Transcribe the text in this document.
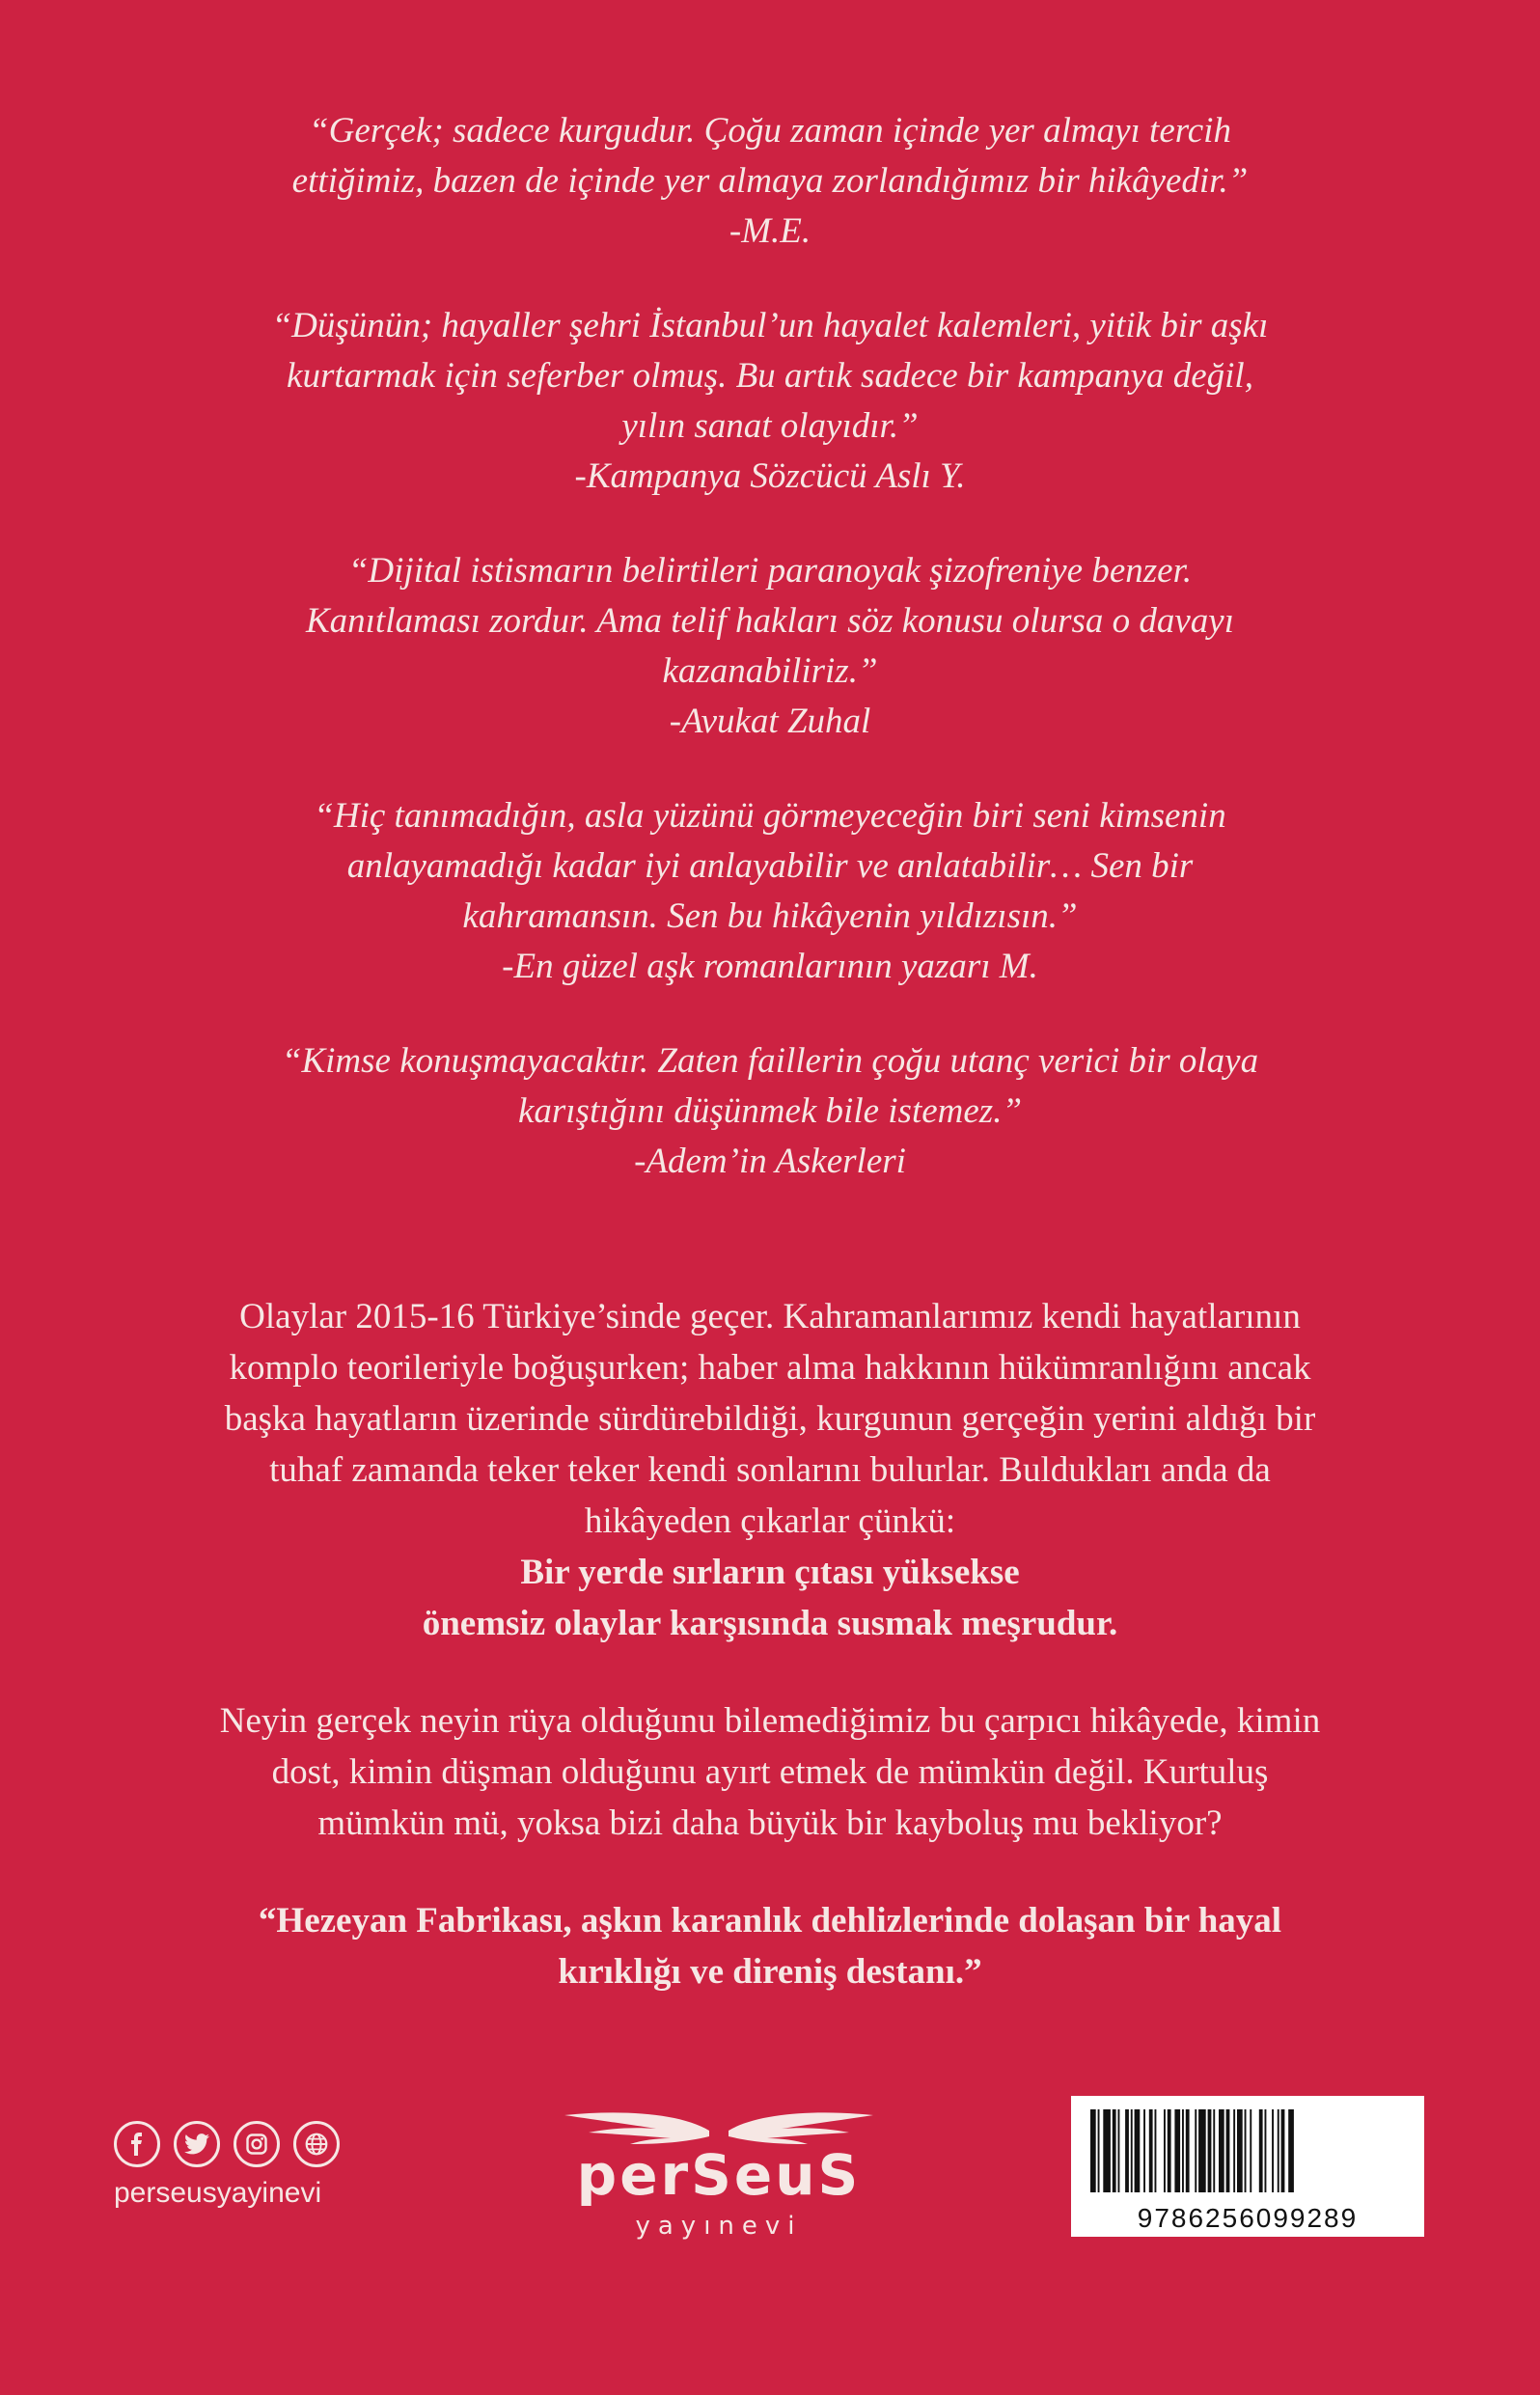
“Gerçek; sadece kurgudur. Çoğu zaman içinde yer almayı tercih

ettiğimiz, bazen de içinde yer almaya zorlandığımız bir hikâyedir.”

-M.E.

“Düşünün; hayaller şehri İstanbul’un hayalet kalemleri, yitik bir aşkı

kurtarmak için seferber olmuş. Bu artık sadece bir kampanya değil,

yılın sanat olayıdır.”

-Kampanya Sözcücü Aslı Y.

“Dijital istismarın belirtileri paranoyak şizofreniye benzer.

Kanıtlaması zordur. Ama telif hakları söz konusu olursa o davayı

kazanabiliriz.”

-Avukat Zuhal

“Hiç tanımadığın, asla yüzünü görmeyeceğin biri seni kimsenin

anlayamadığı kadar iyi anlayabilir ve anlatabilir… Sen bir

kahramansın. Sen bu hikâyenin yıldızısın.”

-En güzel aşk romanlarının yazarı M.

“Kimse konuşmayacaktır. Zaten faillerin çoğu utanç verici bir olaya

karıştığını düşünmek bile istemez.”

-Adem’in Askerleri

Olaylar 2015-16 Türkiye’sinde geçer. Kahramanlarımız kendi hayatlarının

komplo teorileriyle boğuşurken; haber alma hakkının hükümranlığını ancak

başka hayatların üzerinde sürdürebildiği, kurgunun gerçeğin yerini aldığı bir

tuhaf zamanda teker teker kendi sonlarını bulurlar. Buldukları anda da

hikâyeden çıkarlar çünkü:

Bir yerde sırların çıtası yüksekse

önemsiz olaylar karşısında susmak meşrudur.

Neyin gerçek neyin rüya olduğunu bilemediğimiz bu çarpıcı hikâyede, kimin

dost, kimin düşman olduğunu ayırt etmek de mümkün değil. Kurtuluş

mümkün mü, yoksa bizi daha büyük bir kayboluş mu bekliyor?

“Hezeyan Fabrikası, aşkın karanlık dehlizlerinde dolaşan bir hayal

kırıklığı ve direniş destanı.”

perseusyayinevi	perSeuS
yayınevi	9786256099289
